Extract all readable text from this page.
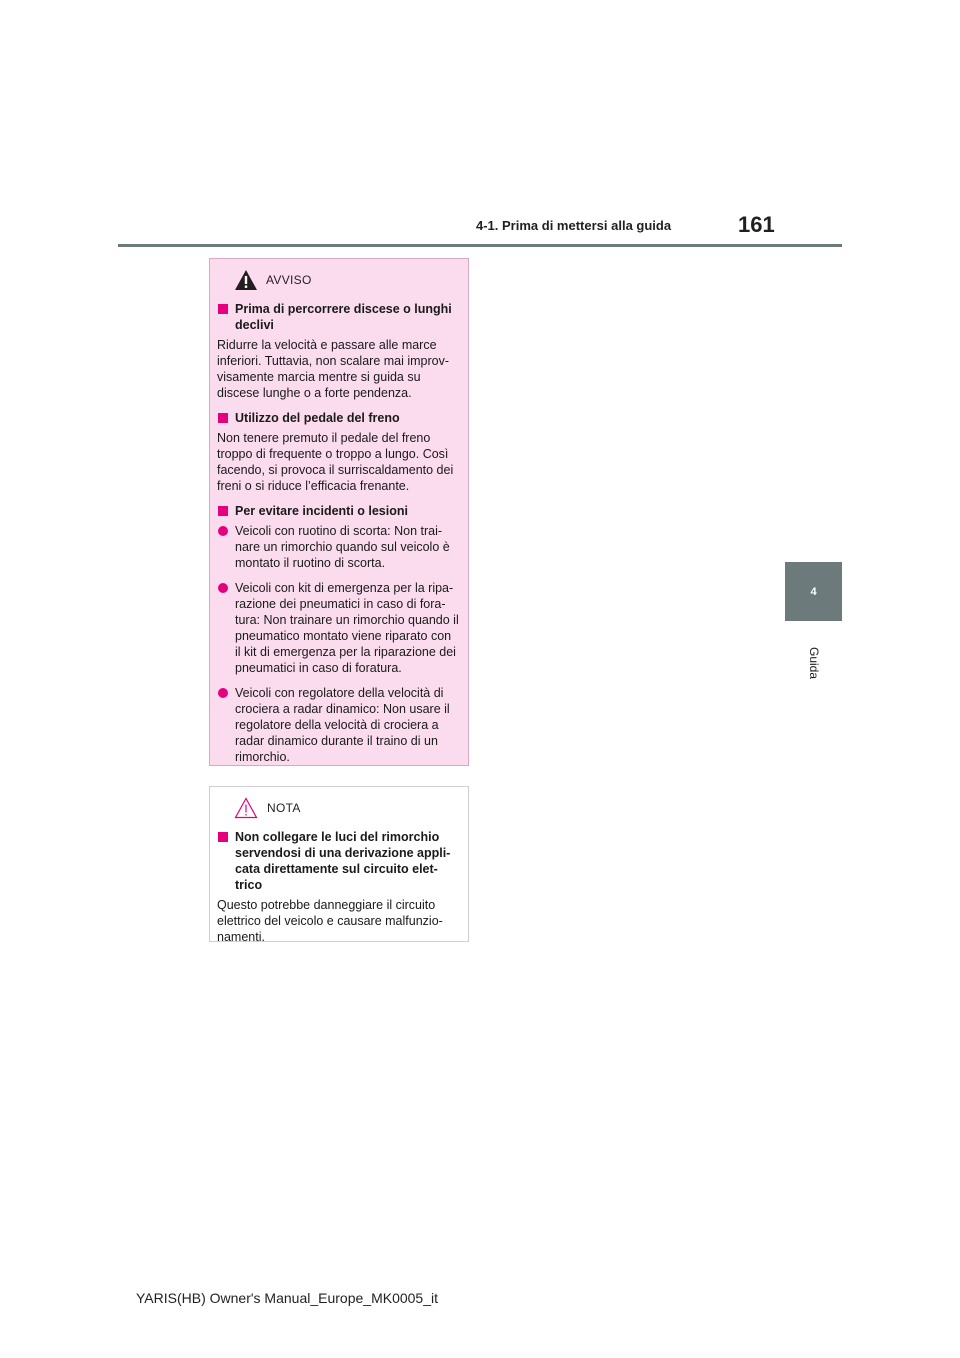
4-1. Prima di mettersi alla guida	161
4
Guida
AVVISO
Prima di percorrere discese o lunghi declivi
Ridurre la velocità e passare alle marce inferiori. Tuttavia, non scalare mai improv-visamente marcia mentre si guida su discese lunghe o a forte pendenza.
Utilizzo del pedale del freno
Non tenere premuto il pedale del freno troppo di frequente o troppo a lungo. Così facendo, si provoca il surriscaldamento dei freni o si riduce l’efficacia frenante.
Per evitare incidenti o lesioni
Veicoli con ruotino di scorta: Non trai-nare un rimorchio quando sul veicolo è montato il ruotino di scorta.
Veicoli con kit di emergenza per la ripa-razione dei pneumatici in caso di fora-tura: Non trainare un rimorchio quando il pneumatico montato viene riparato con il kit di emergenza per la riparazione dei pneumatici in caso di foratura.
Veicoli con regolatore della velocità di crociera a radar dinamico: Non usare il regolatore della velocità di crociera a radar dinamico durante il traino di un rimorchio.
NOTA
Non collegare le luci del rimorchio servendosi di una derivazione appli-cata direttamente sul circuito elet-trico
Questo potrebbe danneggiare il circuito elettrico del veicolo e causare malfunzio-namenti.
YARIS(HB) Owner's Manual_Europe_MK0005_it
